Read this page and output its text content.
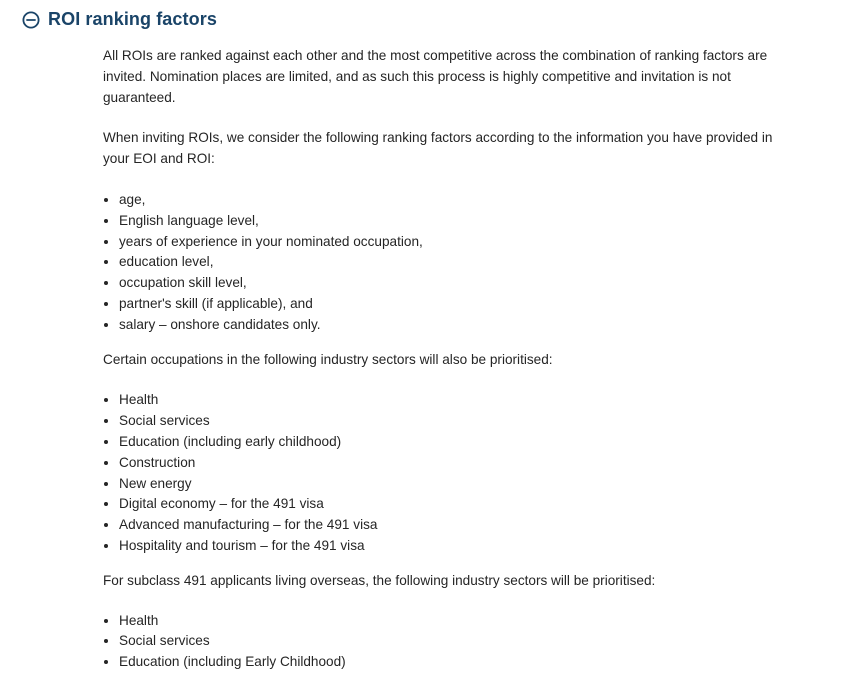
ROI ranking factors

All ROIs are ranked against each other and the most competitive across the combination of ranking factors are invited. Nomination places are limited, and as such this process is highly competitive and invitation is not guaranteed.

When inviting ROIs, we consider the following ranking factors according to the information you have provided in your EOI and ROI:

• age,
• English language level,
• years of experience in your nominated occupation,
• education level,
• occupation skill level,
• partner's skill (if applicable), and
• salary – onshore candidates only.

Certain occupations in the following industry sectors will also be prioritised:

• Health
• Social services
• Education (including early childhood)
• Construction
• New energy
• Digital economy – for the 491 visa
• Advanced manufacturing – for the 491 visa
• Hospitality and tourism – for the 491 visa

For subclass 491 applicants living overseas, the following industry sectors will be prioritised:

• Health
• Social services
• Education (including Early Childhood)
